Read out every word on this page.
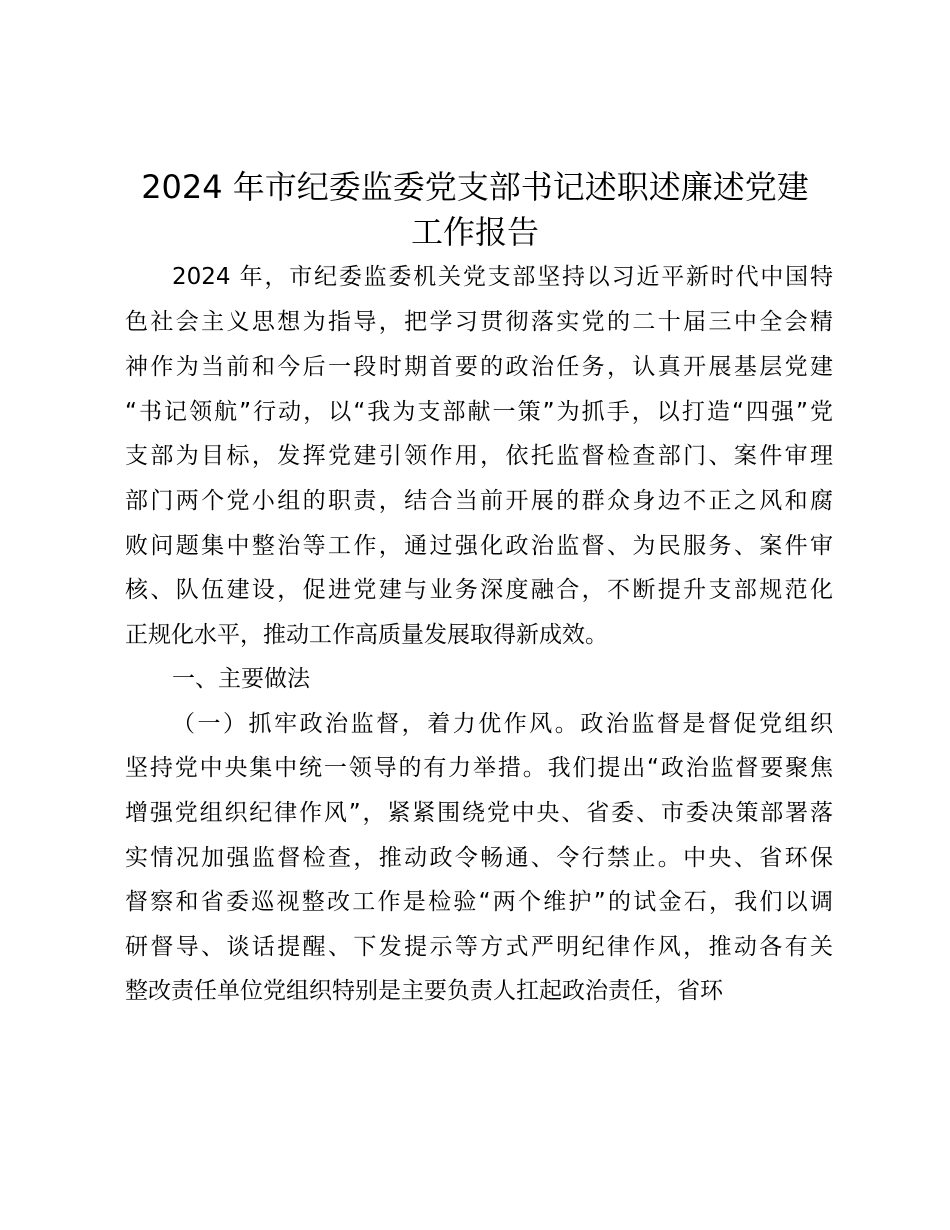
2024 年市纪委监委党支部书记述职述廉述党建
工作报告
2024 年，市纪委监委机关党支部坚持以习近平新时代中国特
色社会主义思想为指导，把学习贯彻落实党的二十届三中全会精
神作为当前和今后一段时期首要的政治任务，认真开展基层党建
“书记领航”行动，以“我为支部献一策”为抓手，以打造“四强”党
支部为目标，发挥党建引领作用，依托监督检查部门、案件审理
部门两个党小组的职责，结合当前开展的群众身边不正之风和腐
败问题集中整治等工作，通过强化政治监督、为民服务、案件审
核、队伍建设，促进党建与业务深度融合，不断提升支部规范化
正规化水平，推动工作高质量发展取得新成效。
一、主要做法
（一）抓牢政治监督，着力优作风。政治监督是督促党组织
坚持党中央集中统一领导的有力举措。我们提出“政治监督要聚焦
增强党组织纪律作风”，紧紧围绕党中央、省委、市委决策部署落
实情况加强监督检查，推动政令畅通、令行禁止。中央、省环保
督察和省委巡视整改工作是检验“两个维护”的试金石，我们以调
研督导、谈话提醒、下发提示等方式严明纪律作风，推动各有关
整改责任单位党组织特别是主要负责人扛起政治责任，省环
